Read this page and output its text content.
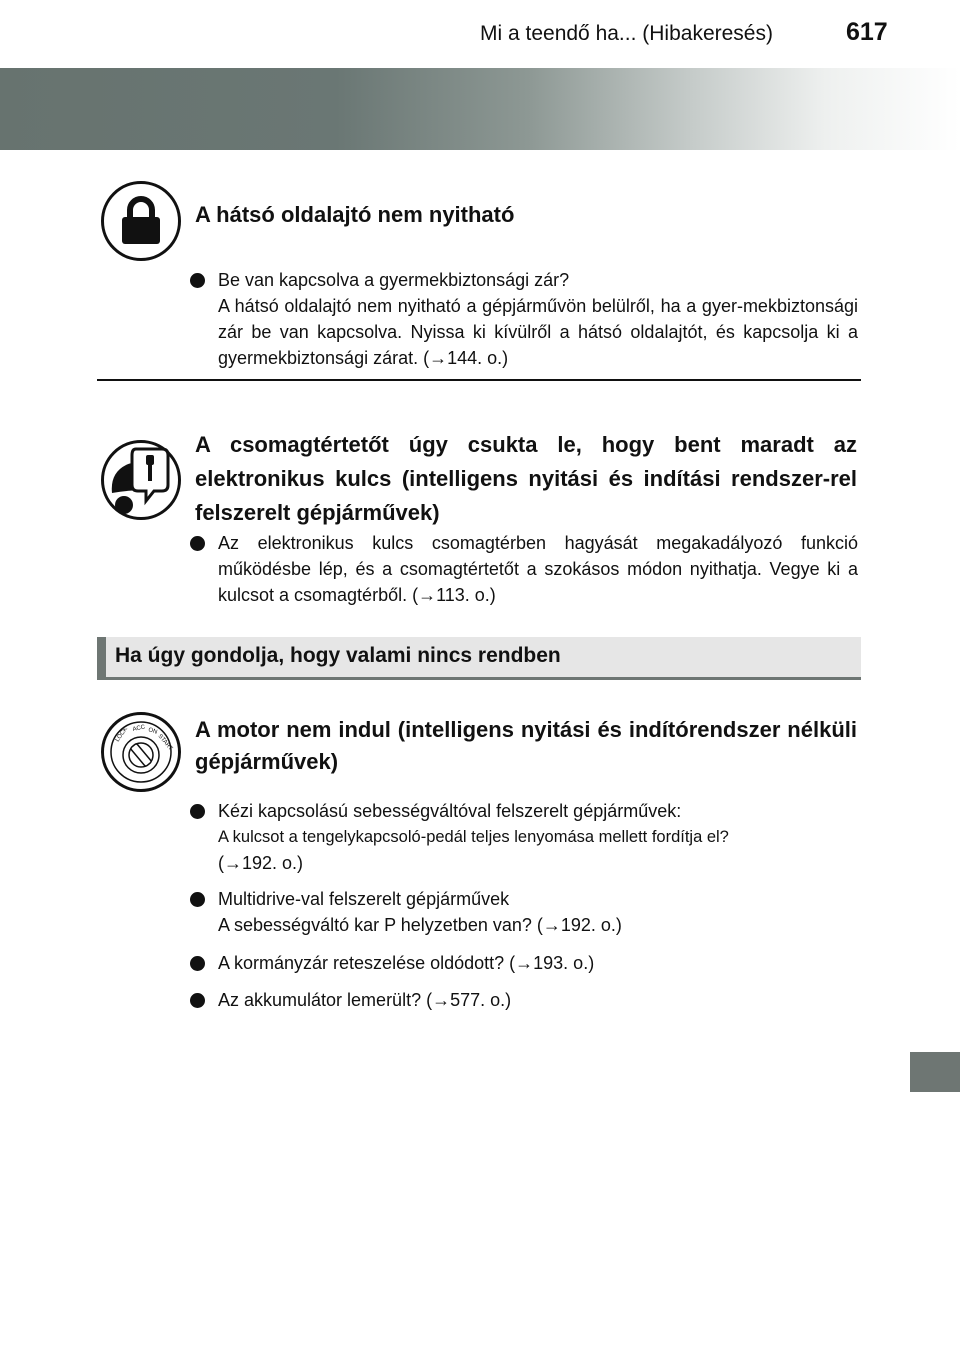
Mi a teendő ha... (Hibakeresés)	617
A hátsó oldalajtó nem nyitható

Be van kapcsolva a gyermekbiztonsági zár?

A hátsó oldalajtó nem nyitható a gépjárművön belülről, ha a gyer-mekbiztonsági zár be van kapcsolva. Nyissa ki kívülről a hátsó oldalajtót, és kapcsolja ki a gyermekbiztonsági zárat. (→144. o.)

A csomagtértetőt úgy csukta le, hogy bent maradt az elektronikus kulcs (intelligens nyitási és indítási rendszer-rel felszerelt gépjárművek)

Az elektronikus kulcs csomagtérben hagyását megakadályozó funkció működésbe lép, és a csomagtértetőt a szokásos módon nyithatja. Vegye ki a kulcsot a csomagtérből. (→113. o.)

Ha úgy gondolja, hogy valami nincs rendben
LOCK ACC ON
START
A motor nem indul (intelligens nyitási és indítórendszer nélküli gépjárművek)

Kézi kapcsolású sebességváltóval felszerelt gépjárművek:

A kulcsot a tengelykapcsoló-pedál teljes lenyomása mellett fordítja el?

(→192. o.)

Multidrive-val felszerelt gépjárművek

A sebességváltó kar P helyzetben van? (→192. o.)

A kormányzár reteszelése oldódott? (→193. o.)

Az akkumulátor lemerült? (→577. o.)
